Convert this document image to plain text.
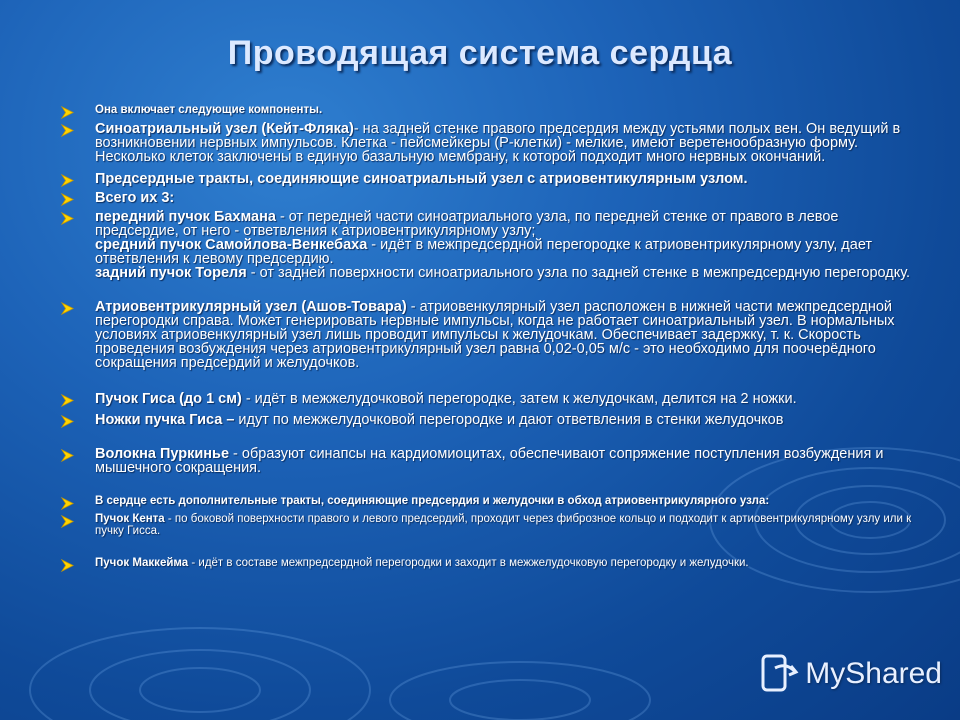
Проводящая система сердца
Она включает следующие компоненты.
Синоатриальный узел (Кейт-Фляка)- на задней стенке правого предсердия между устьями полых вен. Он ведущий в возникновении нервных импульсов. Клетка - пейсмейкеры (Р-клетки) - мелкие, имеют веретенообразную форму. Несколько клеток заключены в единую базальную мембрану, к которой подходит много нервных окончаний.
Предсердные тракты, соединяющие синоатриальный узел с атриовентикулярным узлом.
Всего их 3:
передний пучок Бахмана - от передней части синоатриального узла, по передней стенке от правого в левое предсердие, от него - ответвления к атриовентрикулярному узлу;
средний пучок Самойлова-Венкебаха - идёт в межпредсердной перегородке к атриовентрикулярному узлу, дает ответвления к левому предсердию.
задний пучок Тореля - от задней поверхности синоатриального узла по задней стенке в межпредсердную перегородку.
Атриовентрикулярный узел (Ашов-Товара) - атриовенкулярный узел расположен в нижней части межпредсердной перегородки справа. Может генерировать нервные импульсы, когда не работает синоатриальный узел. В нормальных условиях атриовенкулярный узел лишь проводит импульсы к желудочкам. Обеспечивает задержку, т. к. Скорость проведения возбуждения через атриовентрикулярный узел равна 0,02-0,05 м/с - это необходимо для поочерёдного сокращения предсердий и желудочков.
Пучок Гиса (до 1 см) - идёт в межжелудочковой перегородке, затем к желудочкам, делится на 2 ножки.
Ножки пучка Гиса – идут по межжелудочковой перегородке и дают ответвления в стенки желудочков
Волокна Пуркинье - образуют синапсы на кардиомиоцитах, обеспечивают сопряжение поступления возбуждения и мышечного сокращения.
В сердце есть дополнительные тракты, соединяющие предсердия и желудочки в обход атриовентрикулярного узла:
Пучок Кента - по боковой поверхности правого и левого предсердий, проходит через фиброзное кольцо и подходит к артиовентрикулярному узлу или к пучку Гисса.
Пучок Маккейма - идёт в составе межпредсердной перегородки и заходит в межжелудочковую перегородку и желудочки.
MyShared
